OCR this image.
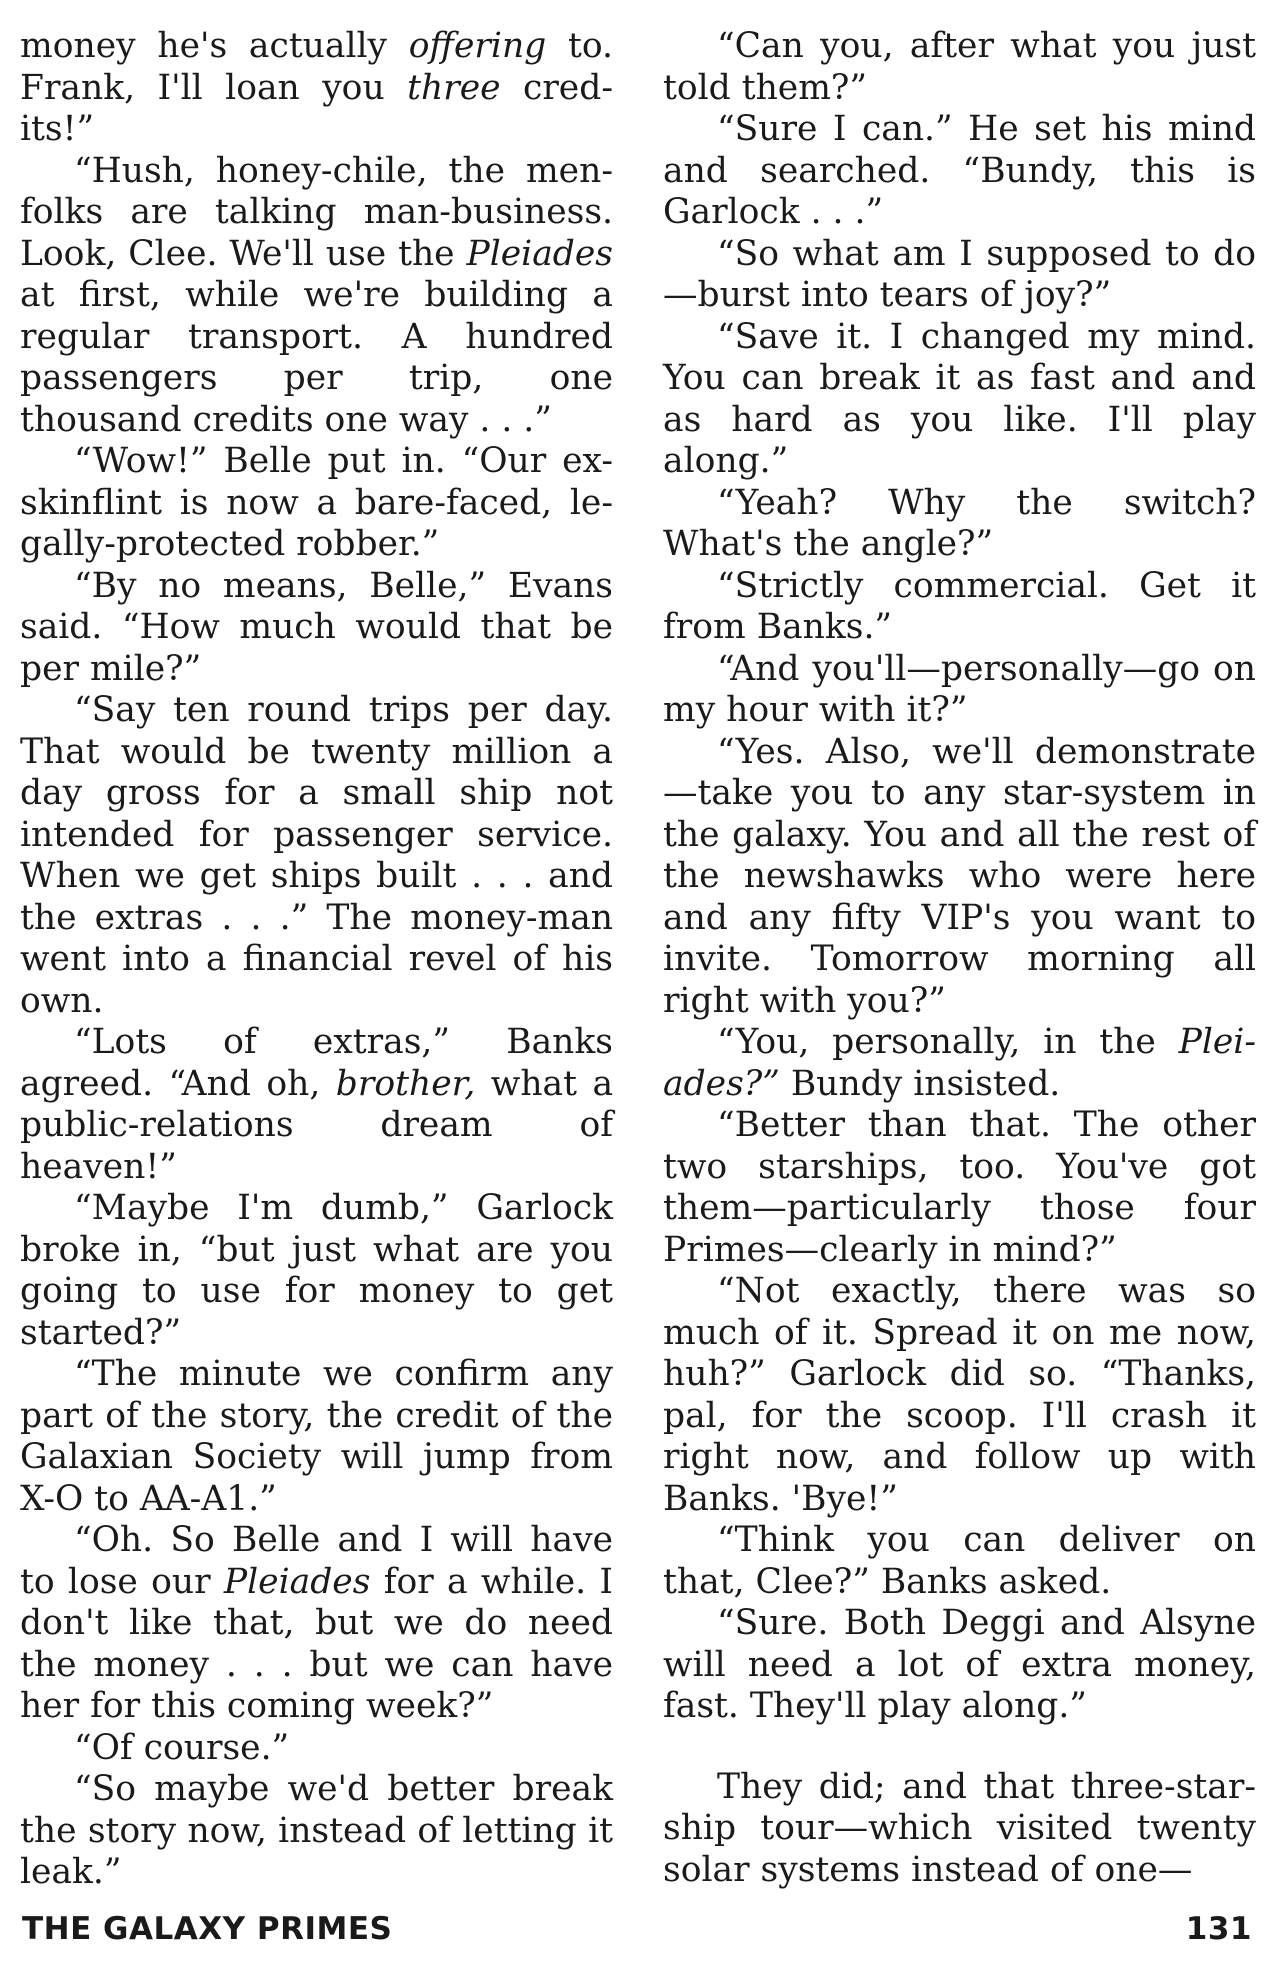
money he's actually offering to. Frank, I'll loan you three credits!”

“Hush, honey-chile, the menfolks are talking man-business. Look, Clee. We'll use the Pleiades at first, while we're building a regular transport. A hundred passengers per trip, one thousand credits one way . . .”

“Wow!” Belle put in. “Our ex-skinflint is now a bare-faced, legally-protected robber.”

“By no means, Belle,” Evans said. “How much would that be per mile?”

“Say ten round trips per day. That would be twenty million a day gross for a small ship not intended for passenger service. When we get ships built . . . and the extras . . .” The money-man went into a financial revel of his own.

“Lots of extras,” Banks agreed. “And oh, brother, what a public-relations dream of heaven!”

“Maybe I'm dumb,” Garlock broke in, “but just what are you going to use for money to get started?”

“The minute we confirm any part of the story, the credit of the Galaxian Society will jump from X-O to AA-A1.”

“Oh. So Belle and I will have to lose our Pleiades for a while. I don't like that, but we do need the money . . . but we can have her for this coming week?”

“Of course.”

“So maybe we'd better break the story now, instead of letting it leak.”

“Can you, after what you just told them?”

“Sure I can.” He set his mind and searched. “Bundy, this is Garlock . . .”

“So what am I supposed to do —burst into tears of joy?”

“Save it. I changed my mind. You can break it as fast and and as hard as you like. I'll play along.”

“Yeah? Why the switch? What's the angle?”

“Strictly commercial. Get it from Banks.”

“And you'll—personally—go on my hour with it?”

“Yes. Also, we'll demonstrate —take you to any star-system in the galaxy. You and all the rest of the newshawks who were here and any fifty VIP's you want to invite. Tomorrow morning all right with you?”

“You, personally, in the Pleiades?” Bundy insisted.

“Better than that. The other two starships, too. You've got them—particularly those four Primes—clearly in mind?”

“Not exactly, there was so much of it. Spread it on me now, huh?” Garlock did so. “Thanks, pal, for the scoop. I'll crash it right now, and follow up with Banks. 'Bye!”

“Think you can deliver on that, Clee?” Banks asked.

“Sure. Both Deggi and Alsyne will need a lot of extra money, fast. They'll play along.”

They did; and that three-starship tour—which visited twenty solar systems instead of one—

THE GALAXY PRIMES	131
